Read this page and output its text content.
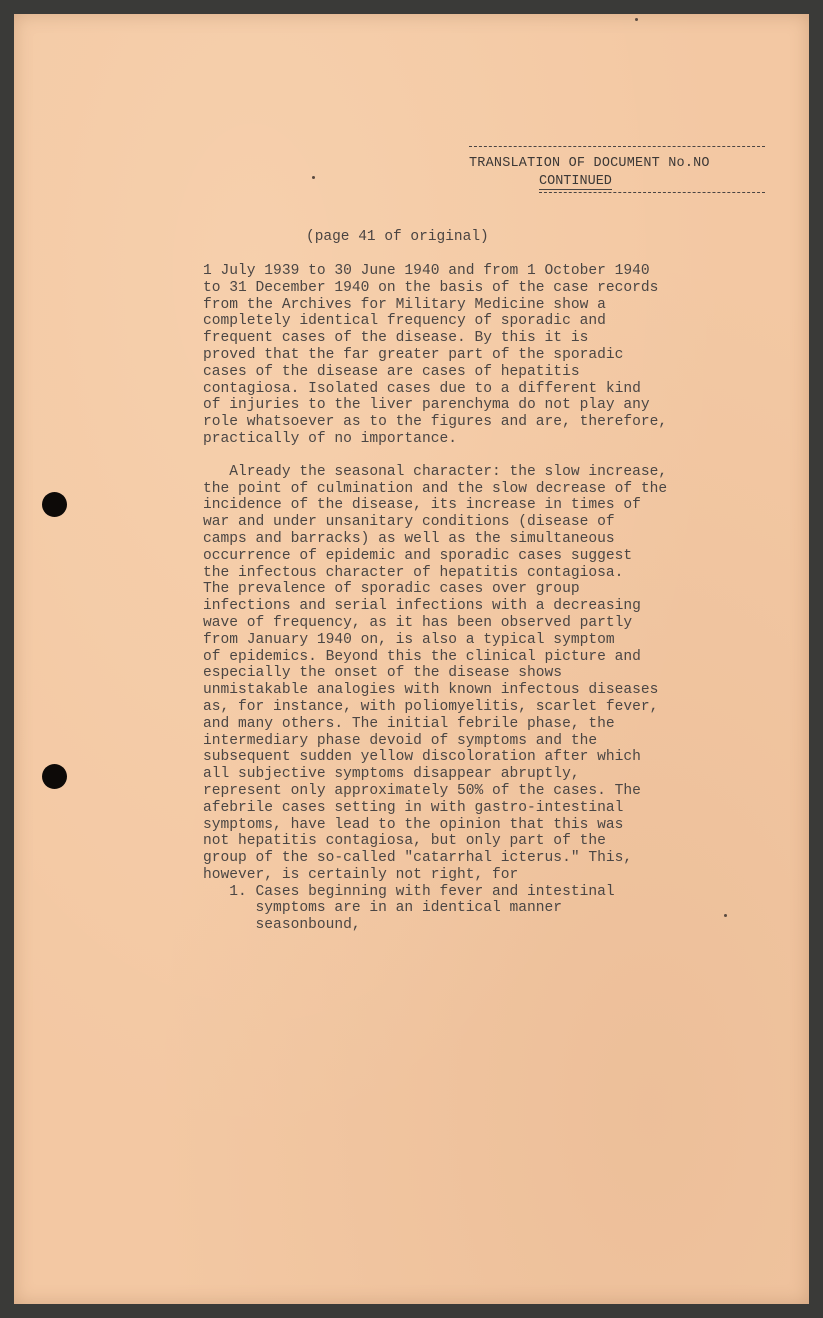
TRANSLATION OF DOCUMENT No.NO
CONTINUED
(page 41 of original)
1 July 1939 to 30 June 1940 and from 1 October 1940
to 31 December 1940 on the basis of the case records
from the Archives for Military Medicine show a
completely identical frequency of sporadic and
frequent cases of the disease. By this it is
proved that the far greater part of the sporadic
cases of the disease are cases of hepatitis
contagiosa. Isolated cases due to a different kind
of injuries to the liver parenchyma do not play any
role whatsoever as to the figures and are, therefore,
practically of no importance.
Already the seasonal character: the slow increase,
the point of culmination and the slow decrease of the
incidence of the disease, its increase in times of
war and under unsanitary conditions (disease of
camps and barracks) as well as the simultaneous
occurrence of epidemic and sporadic cases suggest
the infectous character of hepatitis contagiosa.
The prevalence of sporadic cases over group
infections and serial infections with a decreasing
wave of frequency, as it has been observed partly
from January 1940 on, is also a typical symptom
of epidemics. Beyond this the clinical picture and
especially the onset of the disease shows
unmistakable analogies with known infectous diseases
as, for instance, with poliomyelitis, scarlet fever,
and many others. The initial febrile phase, the
intermediary phase devoid of symptoms and the
subsequent sudden yellow discoloration after which
all subjective symptoms disappear abruptly,
represent only approximately 50% of the cases. The
afebrile cases setting in with gastro-intestinal
symptoms, have lead to the opinion that this was
not hepatitis contagiosa, but only part of the
group of the so-called "catarrhal icterus." This,
however, is certainly not right, for
1. Cases beginning with fever and intestinal
symptoms are in an identical manner
seasonbound,
